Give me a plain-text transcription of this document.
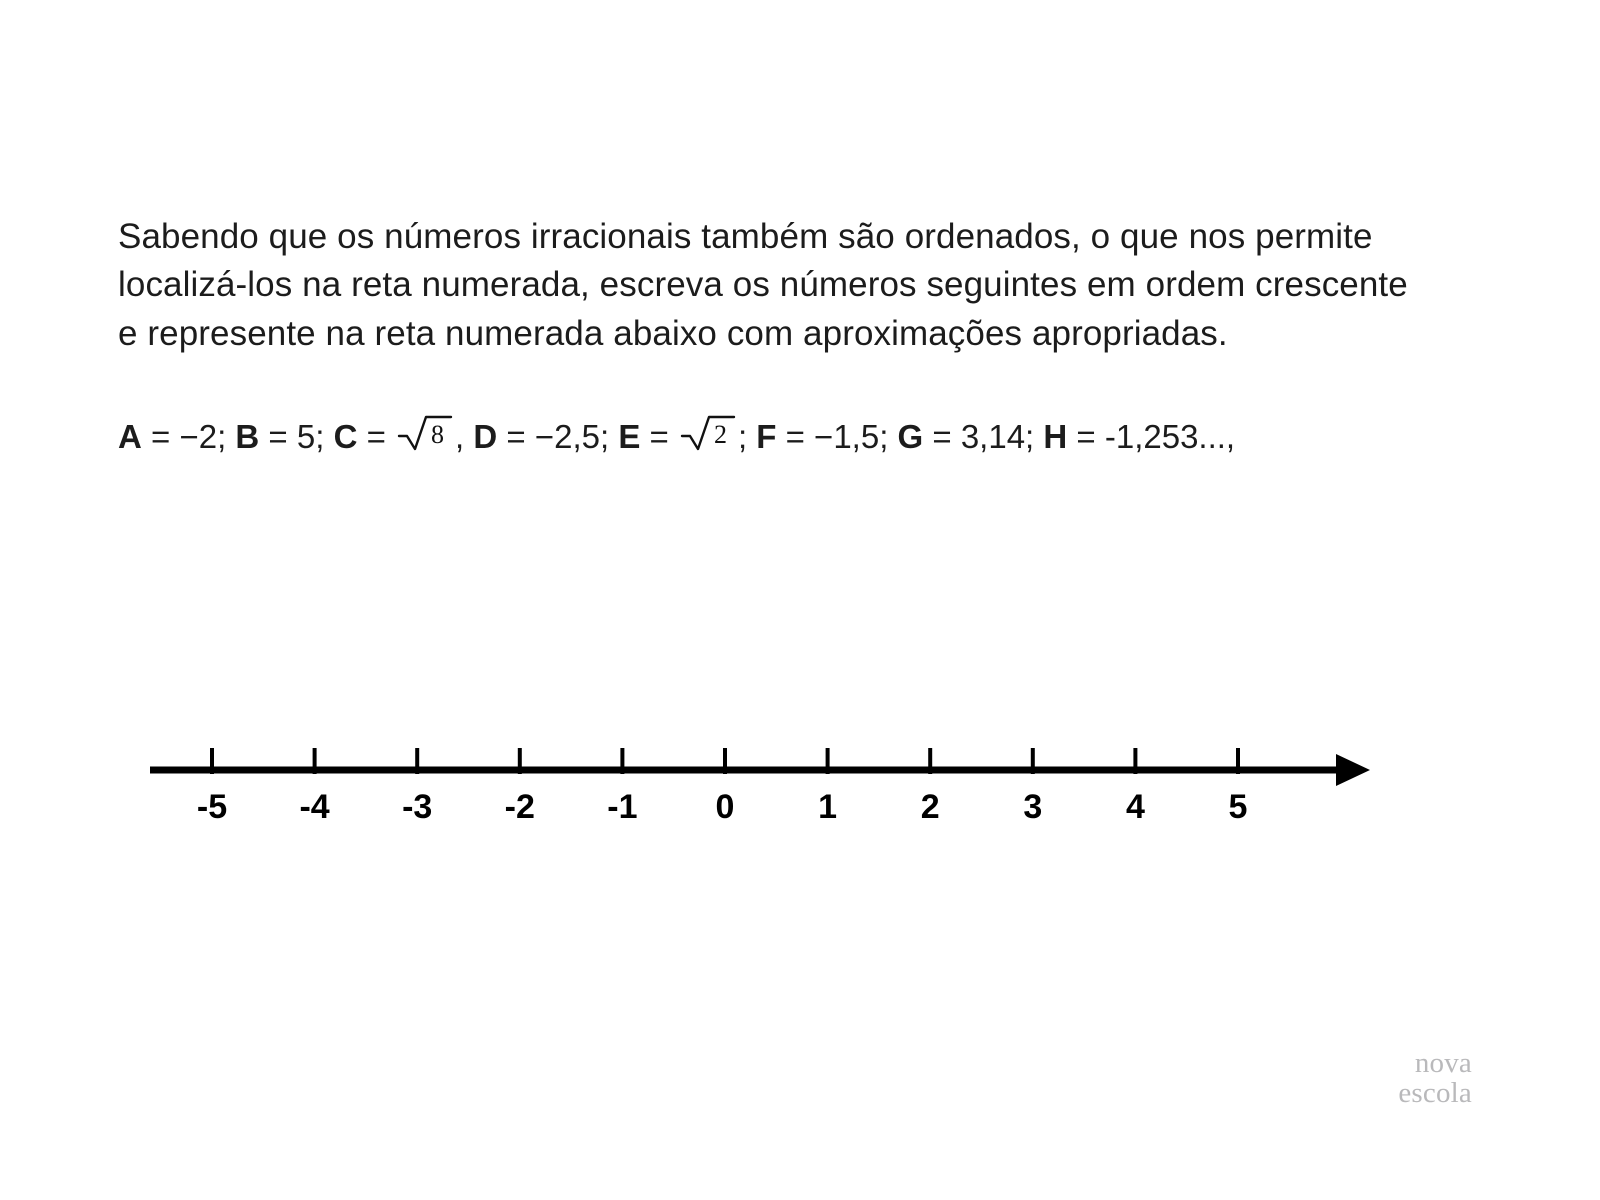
Sabendo que os números irracionais também são ordenados, o que nos permite localizá-los na reta numerada, escreva os números seguintes em ordem crescente e represente na reta numerada abaixo com aproximações apropriadas.

A = −2; B = 5; C = 8 , D = −2,5; E = 2 ; F = −1,5; G = 3,14; H = -1,253...,
-5 -4 -3 -2 -1 0 1 2 3 4 5
nova
escola
